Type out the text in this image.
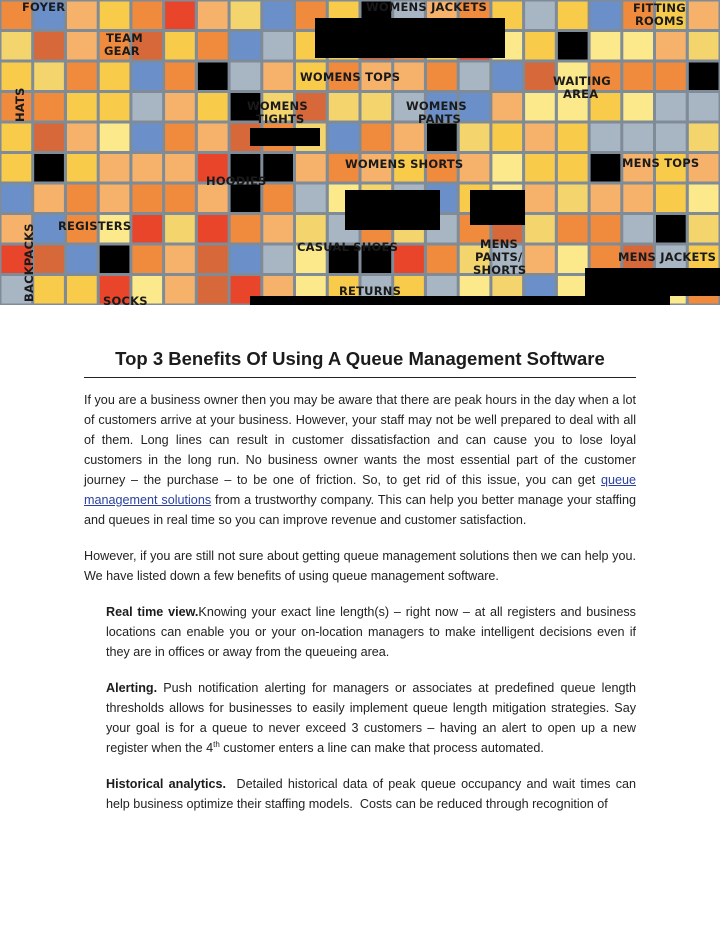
FOYER	WOMENS JACKETS	FITTING
ROOMS
TEAM
GEAR
WOMENS TOPS	WAITING
AREA
HATS	WOMENS
TIGHTS
WOMENS
PANTS
MENS TOPS
WOMENS SHORTS
HOODIES
REGISTERS
CASUAL SHOES	MENS
PANTS/
SHORTS
MENS JACKETS
BACKPACKS	SOCKS
RETURNS
Top 3 Benefits Of Using A Queue Management Software

If you are a business owner then you may be aware that there are peak hours in the day when a lot of customers arrive at your business. However, your staff may not be well prepared to deal with all of them. Long lines can result in customer dissatisfaction and can cause you to lose loyal customers in the long run. No business owner wants the most essential part of the customer journey – the purchase – to be one of friction. So, to get rid of this issue, you can get queue management solutions from a trustworthy company. This can help you better manage your staffing and queues in real time so you can improve revenue and customer satisfaction.

However, if you are still not sure about getting queue management solutions then we can help you. We have listed down a few benefits of using queue management software.

Real time view.Knowing your exact line length(s) – right now – at all registers and business locations can enable you or your on-location managers to make intelligent decisions even if they are in offices or away from the queueing area.

Alerting. Push notification alerting for managers or associates at predefined queue length thresholds allows for businesses to easily implement queue length mitigation strategies. Say your goal is for a queue to never exceed 3 customers – having an alert to open up a new register when the 4th customer enters a line can make that process automated.

Historical analytics.  Detailed historical data of peak queue occupancy and wait times can help business optimize their staffing models.  Costs can be reduced through recognition of
